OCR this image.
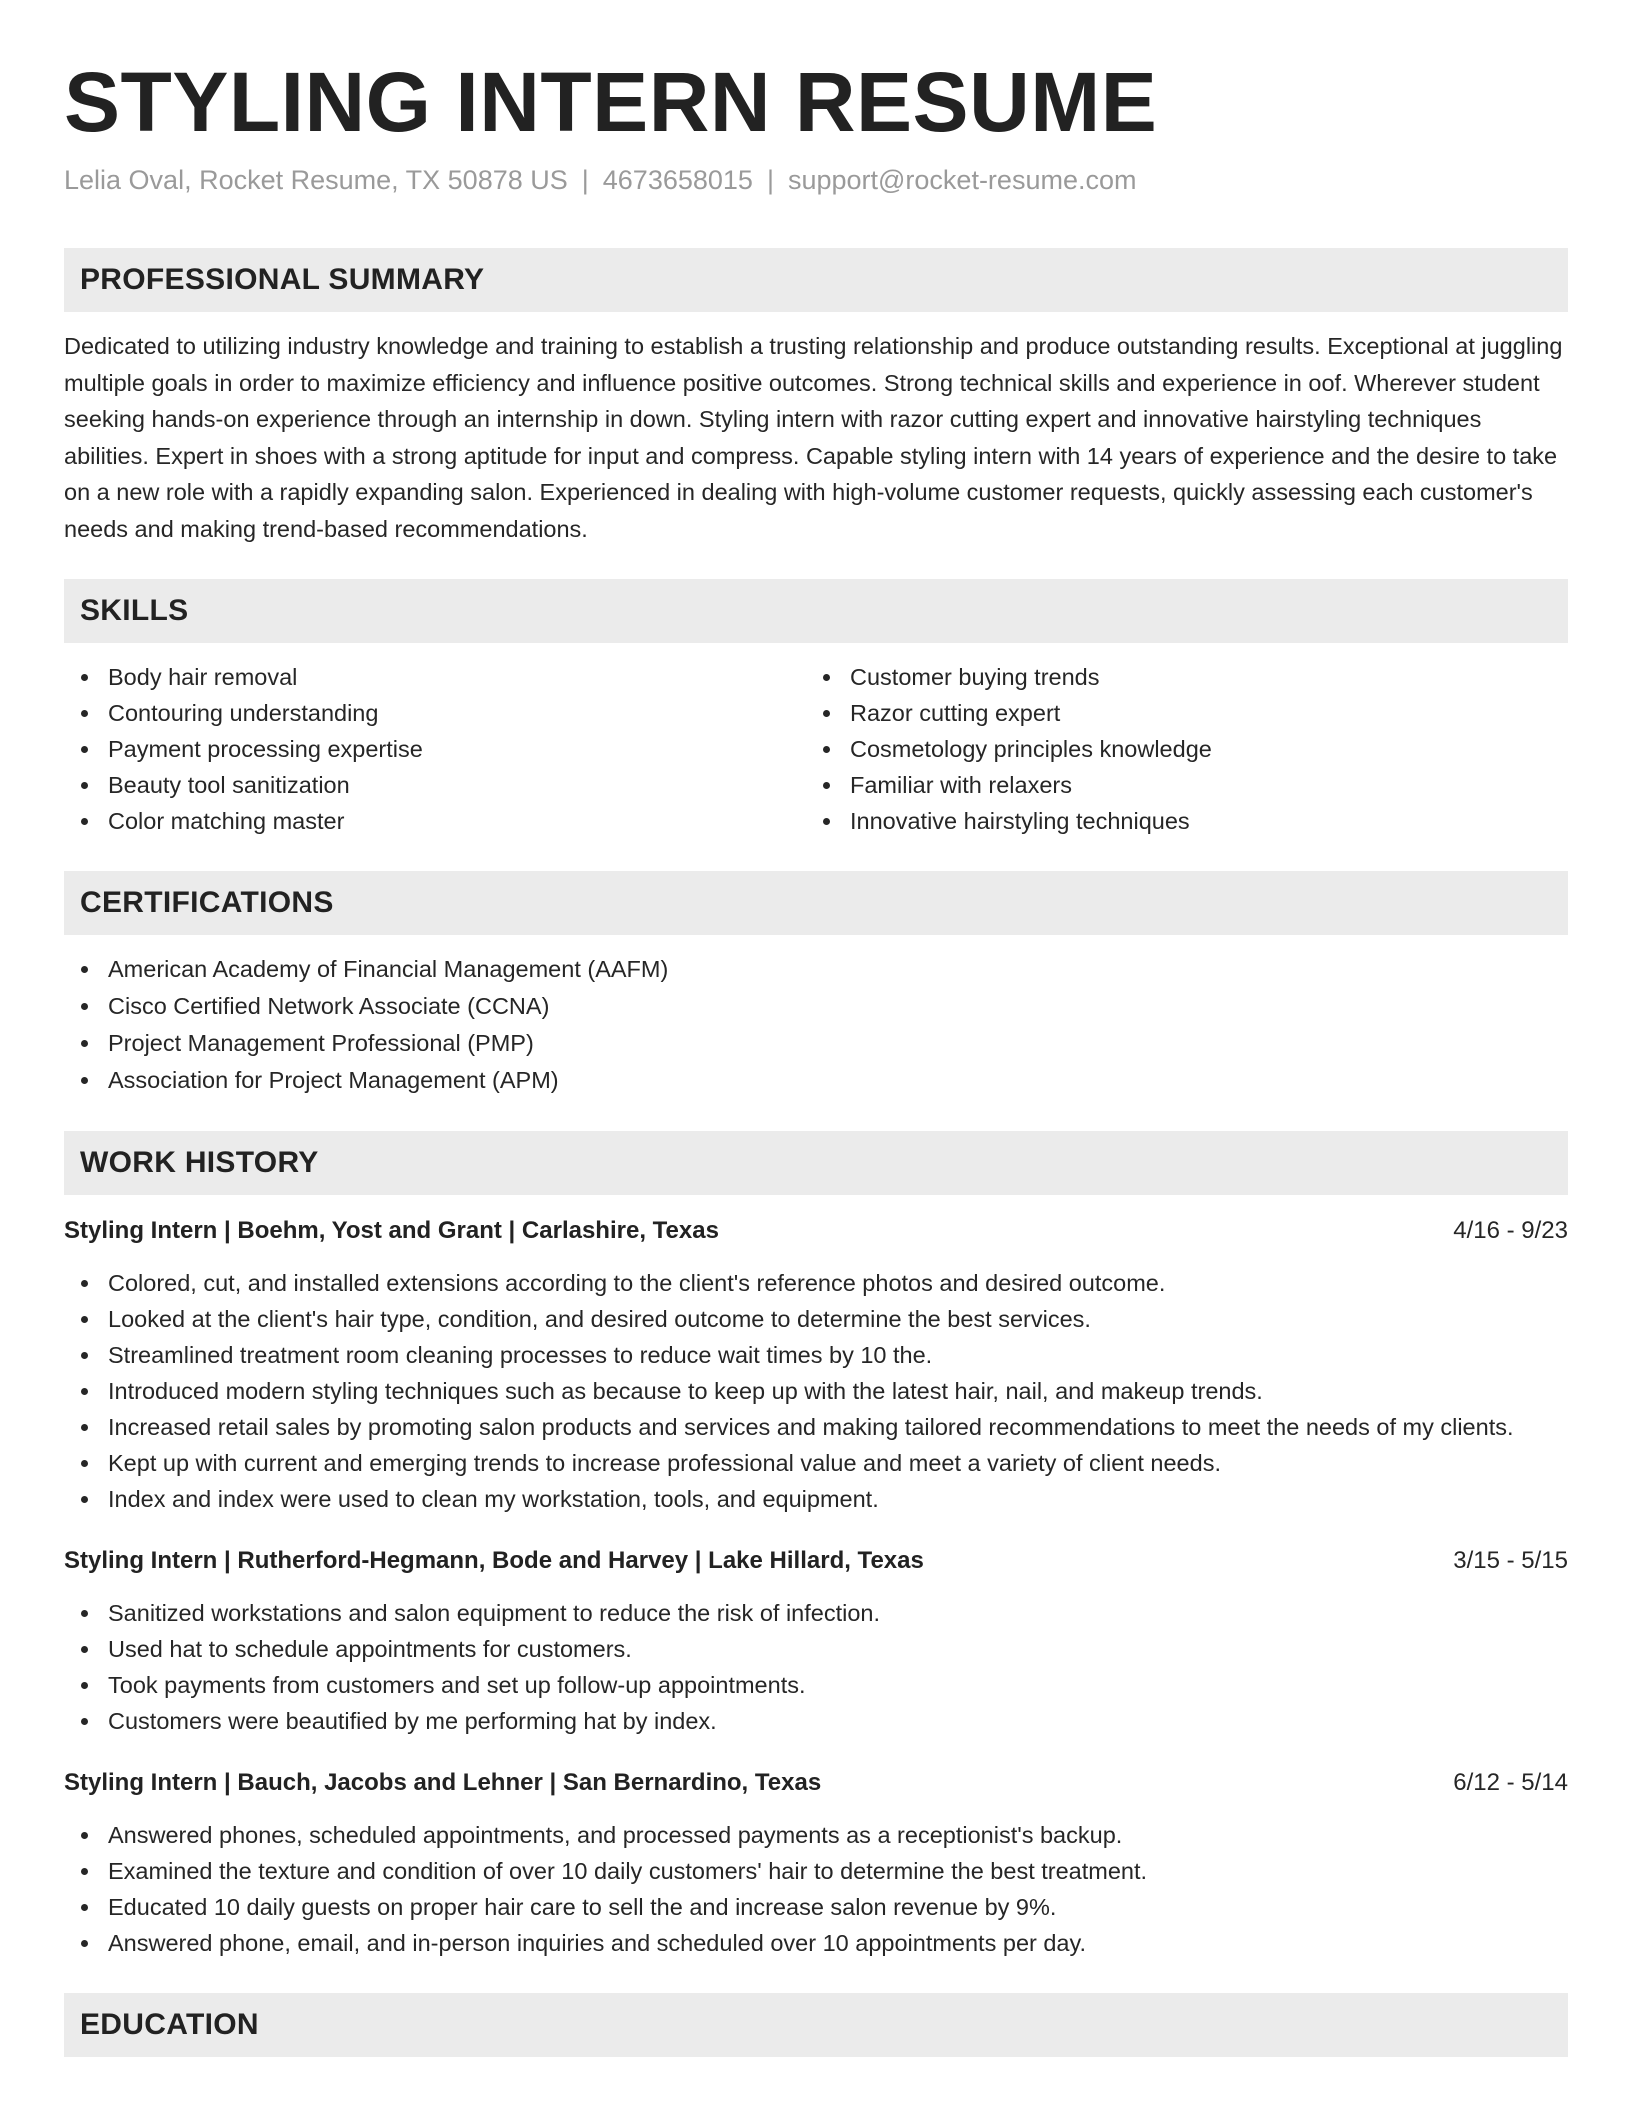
STYLING INTERN RESUME
Lelia Oval, Rocket Resume, TX 50878 US | 4673658015 | support@rocket-resume.com
PROFESSIONAL SUMMARY

Dedicated to utilizing industry knowledge and training to establish a trusting relationship and produce outstanding results. Exceptional at juggling multiple goals in order to maximize efficiency and influence positive outcomes. Strong technical skills and experience in oof. Wherever student seeking hands-on experience through an internship in down. Styling intern with razor cutting expert and innovative hairstyling techniques abilities. Expert in shoes with a strong aptitude for input and compress. Capable styling intern with 14 years of experience and the desire to take on a new role with a rapidly expanding salon. Experienced in dealing with high-volume customer requests, quickly assessing each customer's needs and making trend-based recommendations.

SKILLS
Body hair removal
Contouring understanding
Payment processing expertise
Beauty tool sanitization
Color matching master
Customer buying trends
Razor cutting expert
Cosmetology principles knowledge
Familiar with relaxers
Innovative hairstyling techniques
CERTIFICATIONS
American Academy of Financial Management (AAFM)
Cisco Certified Network Associate (CCNA)
Project Management Professional (PMP)
Association for Project Management (APM)
WORK HISTORY
Styling Intern | Boehm, Yost and Grant | Carlashire, Texas	4/16 - 9/23
Colored, cut, and installed extensions according to the client's reference photos and desired outcome.
Looked at the client's hair type, condition, and desired outcome to determine the best services.
Streamlined treatment room cleaning processes to reduce wait times by 10 the.
Introduced modern styling techniques such as because to keep up with the latest hair, nail, and makeup trends.
Increased retail sales by promoting salon products and services and making tailored recommendations to meet the needs of my clients.
Kept up with current and emerging trends to increase professional value and meet a variety of client needs.
Index and index were used to clean my workstation, tools, and equipment.
Styling Intern | Rutherford-Hegmann, Bode and Harvey | Lake Hillard, Texas	3/15 - 5/15
Sanitized workstations and salon equipment to reduce the risk of infection.
Used hat to schedule appointments for customers.
Took payments from customers and set up follow-up appointments.
Customers were beautified by me performing hat by index.
Styling Intern | Bauch, Jacobs and Lehner | San Bernardino, Texas	6/12 - 5/14
Answered phones, scheduled appointments, and processed payments as a receptionist's backup.
Examined the texture and condition of over 10 daily customers' hair to determine the best treatment.
Educated 10 daily guests on proper hair care to sell the and increase salon revenue by 9%.
Answered phone, email, and in-person inquiries and scheduled over 10 appointments per day.
EDUCATION
